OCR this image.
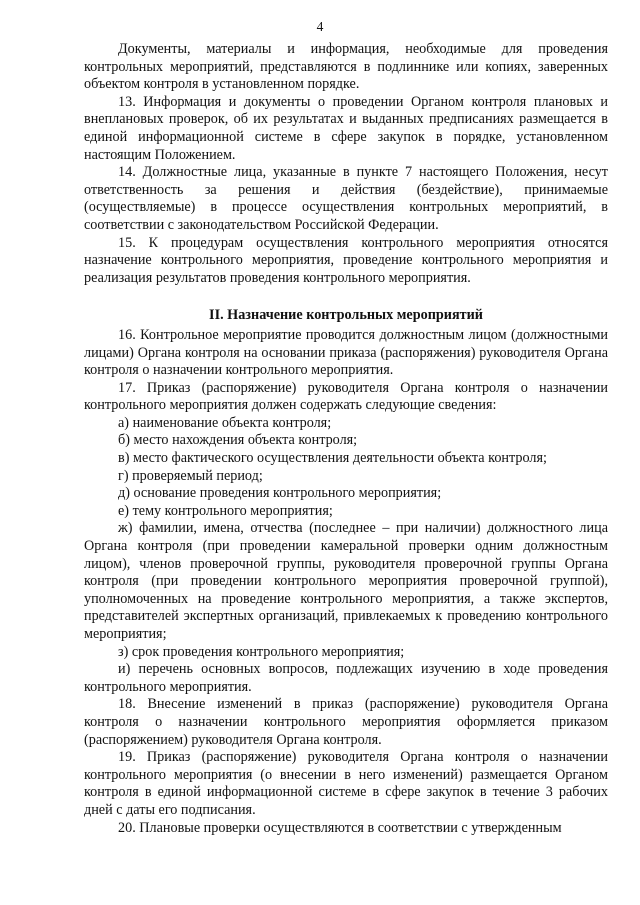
4

Документы, материалы и информация, необходимые для проведения контрольных мероприятий, представляются в подлиннике или копиях, заверенных объектом контроля в установленном порядке.

13. Информация и документы о проведении Органом контроля плановых и внеплановых проверок, об их результатах и выданных предписаниях размещается в единой информационной системе в сфере закупок в порядке, установленном настоящим Положением.

14. Должностные лица, указанные в пункте 7 настоящего Положения, несут ответственность за решения и действия (бездействие), принимаемые (осуществляемые) в процессе осуществления контрольных мероприятий, в соответствии с законодательством Российской Федерации.

15. К процедурам осуществления контрольного мероприятия относятся назначение контрольного мероприятия, проведение контрольного мероприятия и реализация результатов проведения контрольного мероприятия.

II. Назначение контрольных мероприятий

16. Контрольное мероприятие проводится должностным лицом (должностными лицами) Органа контроля на основании приказа (распоряжения) руководителя Органа контроля о назначении контрольного мероприятия.

17. Приказ (распоряжение) руководителя Органа контроля о назначении контрольного мероприятия должен содержать следующие сведения:

а) наименование объекта контроля;

б) место нахождения объекта контроля;

в) место фактического осуществления деятельности объекта контроля;

г) проверяемый период;

д) основание проведения контрольного мероприятия;

е) тему контрольного мероприятия;

ж) фамилии, имена, отчества (последнее – при наличии) должностного лица Органа контроля (при проведении камеральной проверки одним должностным лицом), членов проверочной группы, руководителя проверочной группы Органа контроля (при проведении контрольного мероприятия проверочной группой), уполномоченных на проведение контрольного мероприятия, а также экспертов, представителей экспертных организаций, привлекаемых к проведению контрольного мероприятия;

з) срок проведения контрольного мероприятия;

и) перечень основных вопросов, подлежащих изучению в ходе проведения контрольного мероприятия.

18. Внесение изменений в приказ (распоряжение) руководителя Органа контроля о назначении контрольного мероприятия оформляется приказом (распоряжением) руководителя Органа контроля.

19. Приказ (распоряжение) руководителя Органа контроля о назначении контрольного мероприятия (о внесении в него изменений) размещается Органом контроля в единой информационной системе в сфере закупок в течение 3 рабочих дней с даты его подписания.

20. Плановые проверки осуществляются в соответствии с утвержденным
